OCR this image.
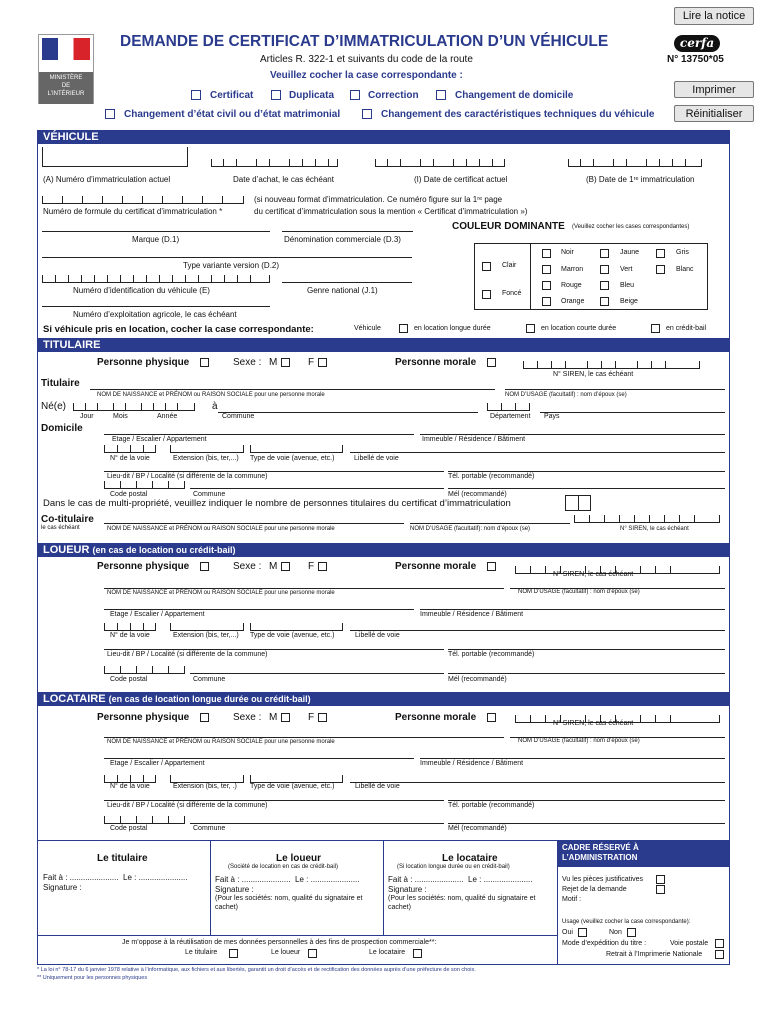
MINISTÈRE
DE
L’INTÉRIEUR
DEMANDE DE CERTIFICAT D’IMMATRICULATION D’UN VÉHICULE
Articles R. 322-1 et suivants du code de la route
Veuillez cocher la case correspondante :
cerfa
N° 13750*05
Lire la notice
Imprimer
Réinitialiser
Certificat	Duplicata	Correction	Changement de domicile
Changement d’état civil ou d’état matrimonial	Changement des caractéristiques techniques du véhicule
VÉHICULE
(A) Numéro d’immatriculation actuel	Date d’achat, le cas échéant	(I) Date de certificat actuel	(B) Date de 1ʳᵉ immatriculation
(si nouveau format d’immatriculation. Ce numéro figure sur la 1ʳᵉ page
du certificat d’immatriculation sous la mention « Certificat d’immatriculation »)
Numéro de formule du certificat d’immatriculation *
COULEUR DOMINANTE (Veuillez cocher les cases correspondantes)
Marque (D.1)	Dénomination commerciale (D.3)
Type variante version (D.2)
Numéro d’identification du véhicule (E)	Genre national (J.1)
Numéro d’exploitation agricole, le cas échéant
Clair
Foncé
Noir	Jaune	Gris
Marron	Vert	Blanc
Rouge	Bleu
Orange	Beige
Si véhicule pris en location, cocher la case correspondante:	Véhicule	en location longue durée	en location courte durée	en crédit-bail
TITULAIRE
Personne physique	Sexe : M	F	Personne morale
N° SIREN, le cas échéant
Titulaire
NOM DE NAISSANCE et PRÉNOM ou RAISON SOCIALE pour une personne morale	NOM D’USAGE (facultatif) : nom d’époux (se)
Né(e)
Jour	Mois	Année
à
Commune	Département Pays
Domicile
Etage / Escalier / Appartement	Immeuble / Résidence / Bâtiment
N° de la voie	Extension (bis, ter,...) Type de voie (avenue, etc.)	Libellé de voie
Lieu-dit / BP / Localité (si différente de la commune)	Tél. portable (recommandé)
Code postal	Commune	Mél (recommandé)
Dans le cas de multi-propriété, veuillez indiquer le nombre de personnes titulaires du certificat d’immatriculation
Co-titulaire
le cas échéant	NOM DE NAISSANCE et PRÉNOM ou RAISON SOCIALE pour une personne morale	NOM D’USAGE (facultatif): nom d’époux (se)	N° SIREN, le cas échéant
LOUEUR (en cas de location ou crédit-bail)
Personne physique	Sexe : M	F	Personne morale
N° SIREN, le cas échéant
NOM DE NAISSANCE et PRÉNOM ou RAISON SOCIALE pour une personne morale	NOM D’USAGE (facultatif) : nom d’époux (se)
Etage / Escalier / Appartement	Immeuble / Résidence / Bâtiment
N° de la voie	Extension (bis, ter,...) Type de voie (avenue, etc.)	Libellé de voie
Lieu-dit / BP / Localité (si différente de la commune)	Tél. portable (recommandé)
Code postal	Commune	Mél (recommandé)
LOCATAIRE (en cas de location longue durée ou crédit-bail)
Personne physique	Sexe : M	F	Personne morale
N° SIREN, le cas échéant
NOM DE NAISSANCE et PRÉNOM ou RAISON SOCIALE pour une personne morale	NOM D’USAGE (facultatif) : nom d’époux (se)
Etage / Escalier / Appartement	Immeuble / Résidence / Bâtiment
N° de la voie	Extension (bis, ter, .) Type de voie (avenue, etc.)	Libellé de voie
Lieu-dit / BP / Localité (si différente de la commune)	Tél. portable (recommandé)
Code postal	Commune	Mél (recommandé)
Le titulaire
Fait à : ...................... Le : ......................
Signature :
Le loueur
(Société de location en cas de crédit-bail)
Fait à : ...................... Le : ......................
Signature :
(Pour les sociétés: nom, qualité du signataire et
cachet)
Le locataire
(Si location longue durée ou en crédit-bail)
Fait à : ...................... Le : ......................
Signature :
(Pour les sociétés: nom, qualité du signataire et
cachet)
Je m’oppose à la réutilisation de mes données personnelles à des fins de prospection commerciale**:
Le titulaire	Le loueur	Le locataire
CADRE RÉSERVÉ À
L’ADMINISTRATION
Vu les pièces justificatives
Rejet de la demande
Motif :
Usage (veuillez cocher la case correspondante):
Oui	Non
Mode d’expédition du titre :	Voie postale
Retrait à l’Imprimerie Nationale
* La loi n° 78-17 du 6 janvier 1978 relative à l’informatique, aux fichiers et aux libertés, garantit un droit d’accès et de rectification des données auprès d’une préfecture de son choix.
** Uniquement pour les personnes physiques
